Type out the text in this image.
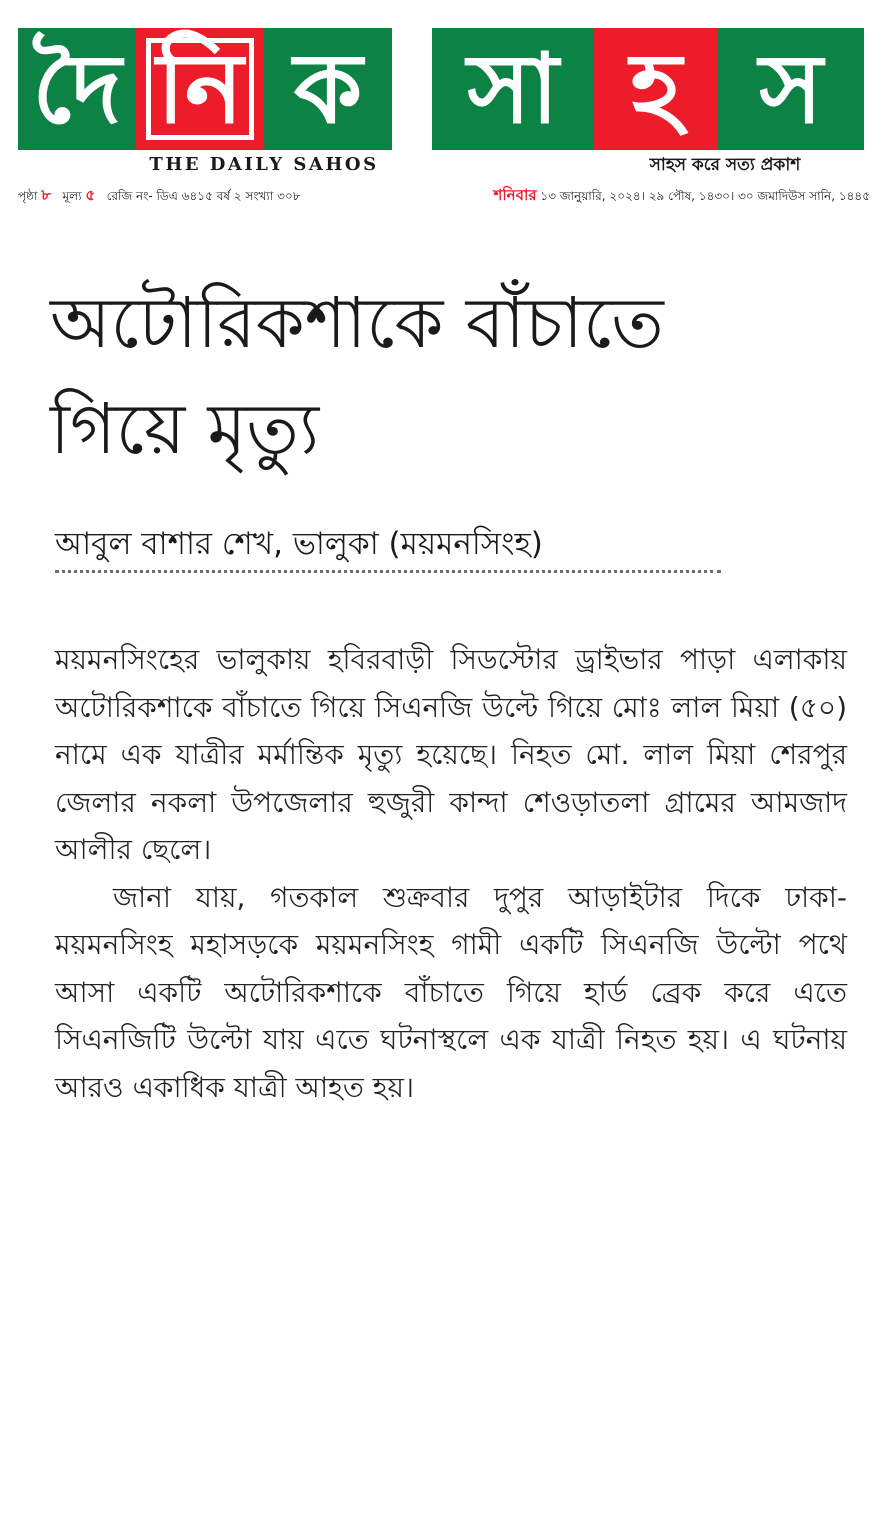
দৈ নি ক সা হ স
THE DAILY SAHOS	সাহস করে সত্য প্রকাশ
পৃষ্ঠা ৮ মূল্য ৫ রেজি নং- ডিএ ৬৪১৫ বর্ষ ২ সংখ্যা ৩০৮	শনিবার ১৩ জানুয়ারি, ২০২৪। ২৯ পৌষ, ১৪৩০। ৩০ জমাদিউস সানি, ১৪৪৫
অটোরিকশাকে বাঁচাতে
গিয়ে মৃত্যু
আবুল বাশার শেখ, ভালুকা (ময়মনসিংহ)

ময়মনসিংহের ভালুকায় হবিরবাড়ী সিডস্টোর ড্রাইভার পাড়া এলাকায় অটোরিকশাকে বাঁচাতে গিয়ে সিএনজি উল্টে গিয়ে মোঃ লাল মিয়া (৫০) নামে এক যাত্রীর মর্মান্তিক মৃত্যু হয়েছে। নিহত মো. লাল মিয়া শেরপুর জেলার নকলা উপজেলার হুজুরী কান্দা শেওড়াতলা গ্রামের আমজাদ আলীর ছেলে।

জানা যায়, গতকাল শুক্রবার দুপুর আড়াইটার দিকে ঢাকা-ময়মনসিংহ মহাসড়কে ময়মনসিংহ গামী একটি সিএনজি উল্টো পথে আসা একটি অটোরিকশাকে বাঁচাতে গিয়ে হার্ড ব্রেক করে এতে সিএনজিটি উল্টো যায় এতে ঘটনাস্থলে এক যাত্রী নিহত হয়। এ ঘটনায় আরও একাধিক যাত্রী আহত হয়।
